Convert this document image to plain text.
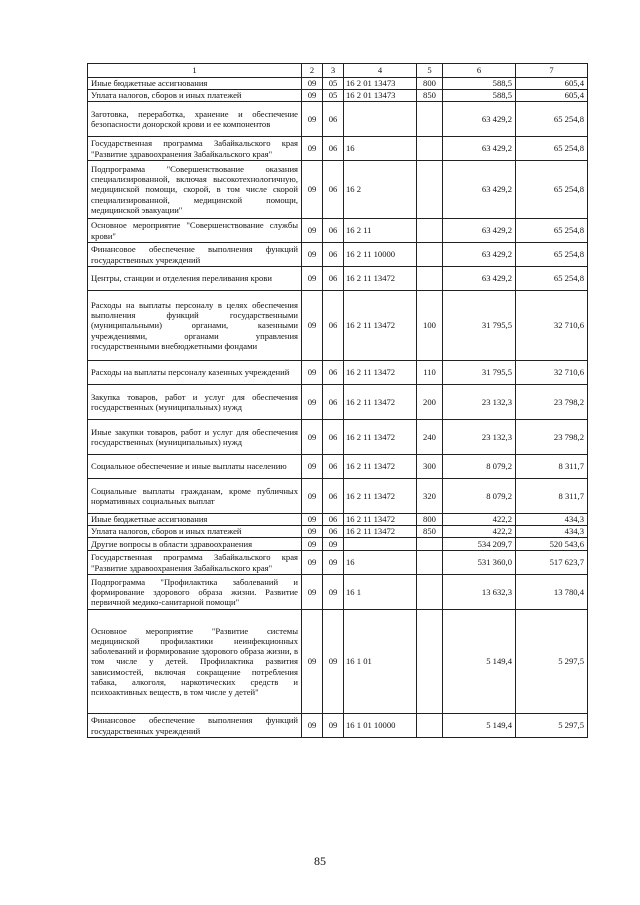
1	2	3	4	5	6	7
Иные бюджетные ассигнования	09	05	16 2 01 13473	800	588,5	605,4
Уплата налогов, сборов и иных платежей	09	05	16 2 01 13473	850	588,5	605,4
Заготовка, переработка, хранение и обеспечение безопасности донорской крови и ее компонентов	09	06			63 429,2	65 254,8
Государственная программа Забайкальского края "Развитие здравоохранения Забайкальского края"	09	06	16		63 429,2	65 254,8
Подпрограмма "Совершенствование оказания специализированной, включая высокотехнологичную, медицинской помощи, скорой, в том числе скорой специализированной, медицинской помощи, медицинской эвакуации"	09	06	16 2		63 429,2	65 254,8
Основное мероприятие "Совершенствование службы крови"	09	06	16 2 11		63 429,2	65 254,8
Финансовое обеспечение выполнения функций государственных учреждений	09	06	16 2 11 10000		63 429,2	65 254,8
Центры, станции и отделения переливания крови	09	06	16 2 11 13472		63 429,2	65 254,8
Расходы на выплаты персоналу в целях обеспечения выполнения функций государственными (муниципальными) органами, казенными учреждениями, органами управления государственными внебюджетными фондами	09	06	16 2 11 13472	100	31 795,5	32 710,6
Расходы на выплаты персоналу казенных учреждений	09	06	16 2 11 13472	110	31 795,5	32 710,6
Закупка товаров, работ и услуг для обеспечения государственных (муниципальных) нужд	09	06	16 2 11 13472	200	23 132,3	23 798,2
Иные закупки товаров, работ и услуг для обеспечения государственных (муниципальных) нужд	09	06	16 2 11 13472	240	23 132,3	23 798,2
Социальное обеспечение и иные выплаты населению	09	06	16 2 11 13472	300	8 079,2	8 311,7
Социальные выплаты гражданам, кроме публичных нормативных социальных выплат	09	06	16 2 11 13472	320	8 079,2	8 311,7
Иные бюджетные ассигнования	09	06	16 2 11 13472	800	422,2	434,3
Уплата налогов, сборов и иных платежей	09	06	16 2 11 13472	850	422,2	434,3
Другие вопросы в области здравоохранения	09	09			534 209,7	520 543,6
Государственная программа Забайкальского края "Развитие здравоохранения Забайкальского края"	09	09	16		531 360,0	517 623,7
Подпрограмма "Профилактика заболеваний и формирование здорового образа жизни. Развитие первичной медико-санитарной помощи"	09	09	16 1		13 632,3	13 780,4
Основное мероприятие "Развитие системы медицинской профилактики неинфекционных заболеваний и формирование здорового образа жизни, в том числе у детей. Профилактика развития зависимостей, включая сокращение потребления табака, алкоголя, наркотических средств и психоактивных веществ, в том числе у детей"	09	09	16 1 01		5 149,4	5 297,5
Финансовое обеспечение выполнения функций государственных учреждений	09	09	16 1 01 10000		5 149,4	5 297,5
85
